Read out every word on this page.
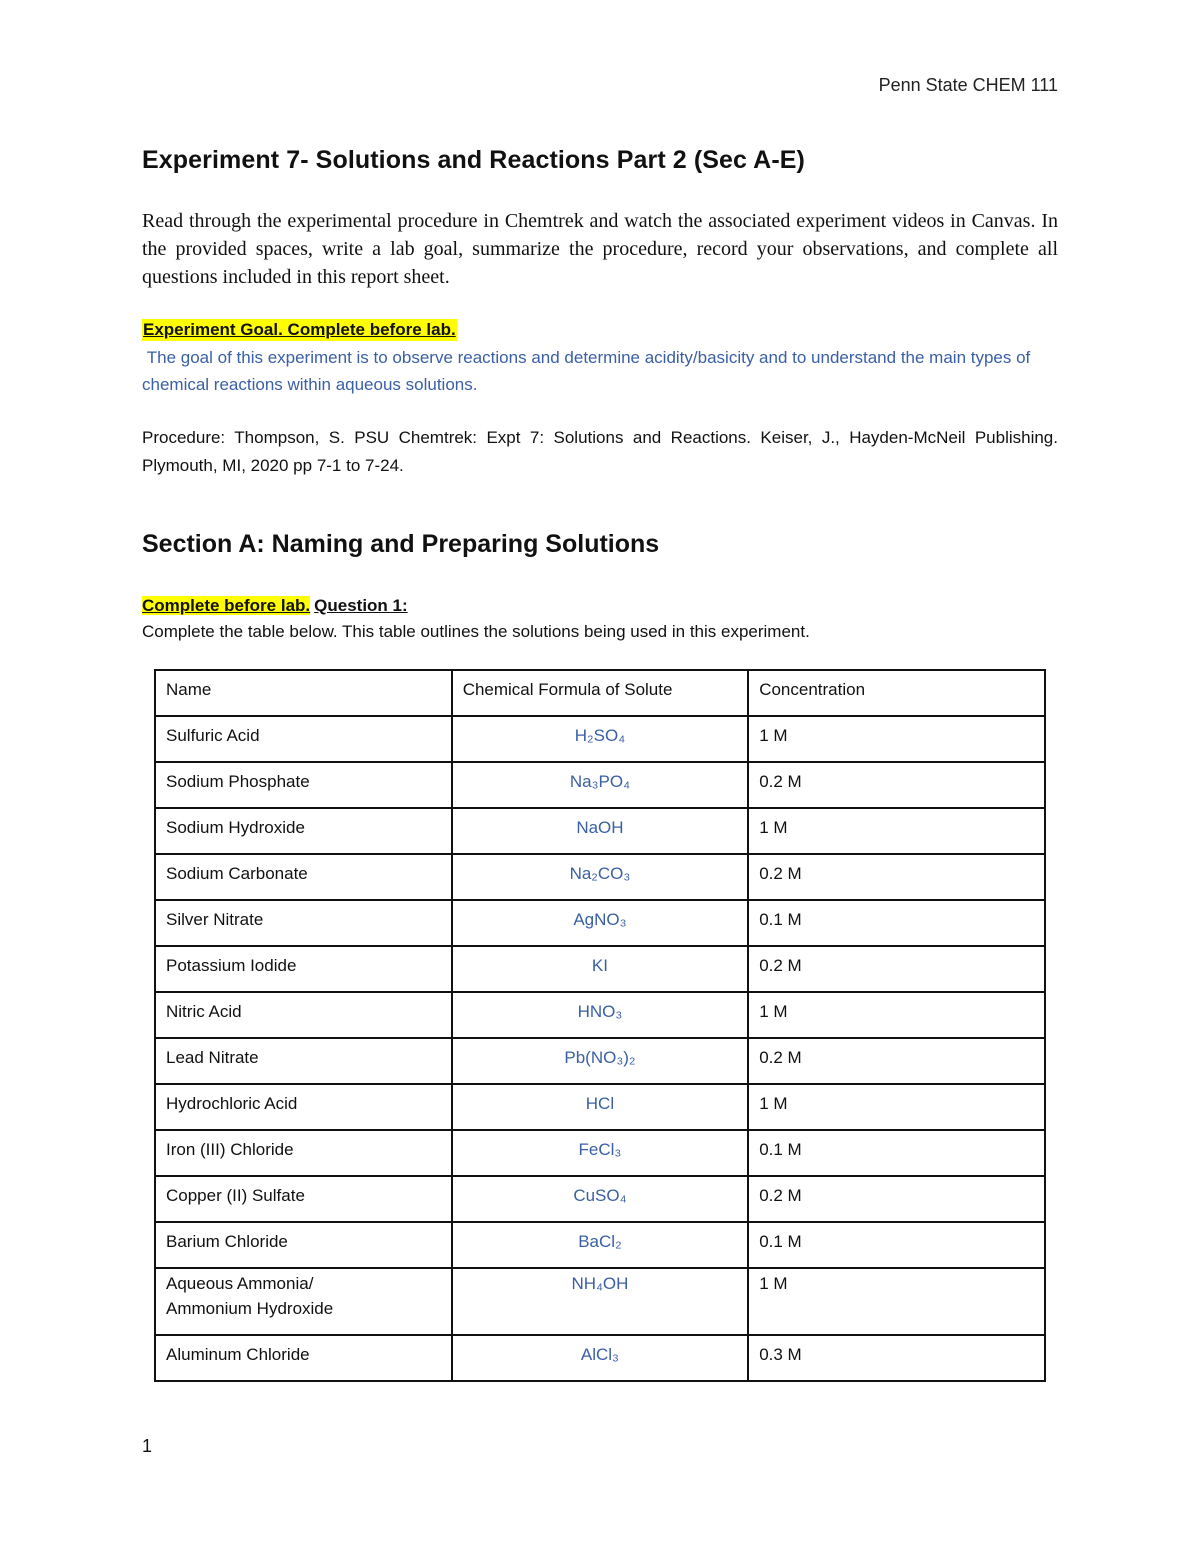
Penn State CHEM 111
Experiment 7- Solutions and Reactions Part 2 (Sec A-E)

Read through the experimental procedure in Chemtrek and watch the associated experiment videos in Canvas. In the provided spaces, write a lab goal, summarize the procedure, record your observations, and complete all questions included in this report sheet.

Experiment Goal. Complete before lab.

The goal of this experiment is to observe reactions and determine acidity/basicity and to understand the main types of chemical reactions within aqueous solutions.

Procedure: Thompson, S. PSU Chemtrek: Expt 7: Solutions and Reactions. Keiser, J., Hayden-McNeil Publishing. Plymouth, MI, 2020 pp 7-1 to 7-24.

Section A: Naming and Preparing Solutions
Complete before lab. Question 1:

Complete the table below. This table outlines the solutions being used in this experiment.

Name	Chemical Formula of Solute	Concentration
Sulfuric Acid	H₂SO₄	1 M
Sodium Phosphate	Na₃PO₄	0.2 M
Sodium Hydroxide	NaOH	1 M
Sodium Carbonate	Na₂CO₃	0.2 M
Silver Nitrate	AgNO₃	0.1 M
Potassium Iodide	KI	0.2 M
Nitric Acid	HNO₃	1 M
Lead Nitrate	Pb(NO₃)₂	0.2 M
Hydrochloric Acid	HCl	1 M
Iron (III) Chloride	FeCl₃	0.1 M
Copper (II) Sulfate	CuSO₄	0.2 M
Barium Chloride	BaCl₂	0.1 M
Aqueous Ammonia/
Ammonium Hydroxide	NH₄OH	1 M
Aluminum Chloride	AlCl₃	0.3 M
1
